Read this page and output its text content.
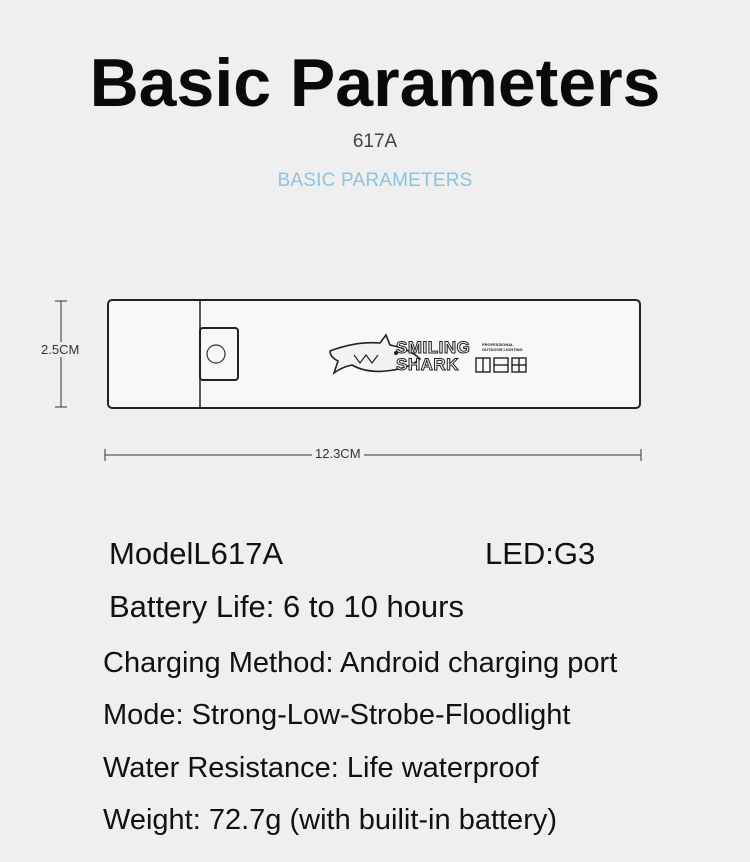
Basic Parameters
617A
BASIC PARAMETERS
2.5CM	SMILING
SHARK
PROFESSIONAL OUTDOOR LIGHTING
12.3CM
ModelL617A	LED:G3
Battery Life: 6 to 10 hours
Charging Method: Android charging port
Mode: Strong-Low-Strobe-Floodlight
Water Resistance: Life waterproof
Weight: 72.7g (with builit-in battery)
